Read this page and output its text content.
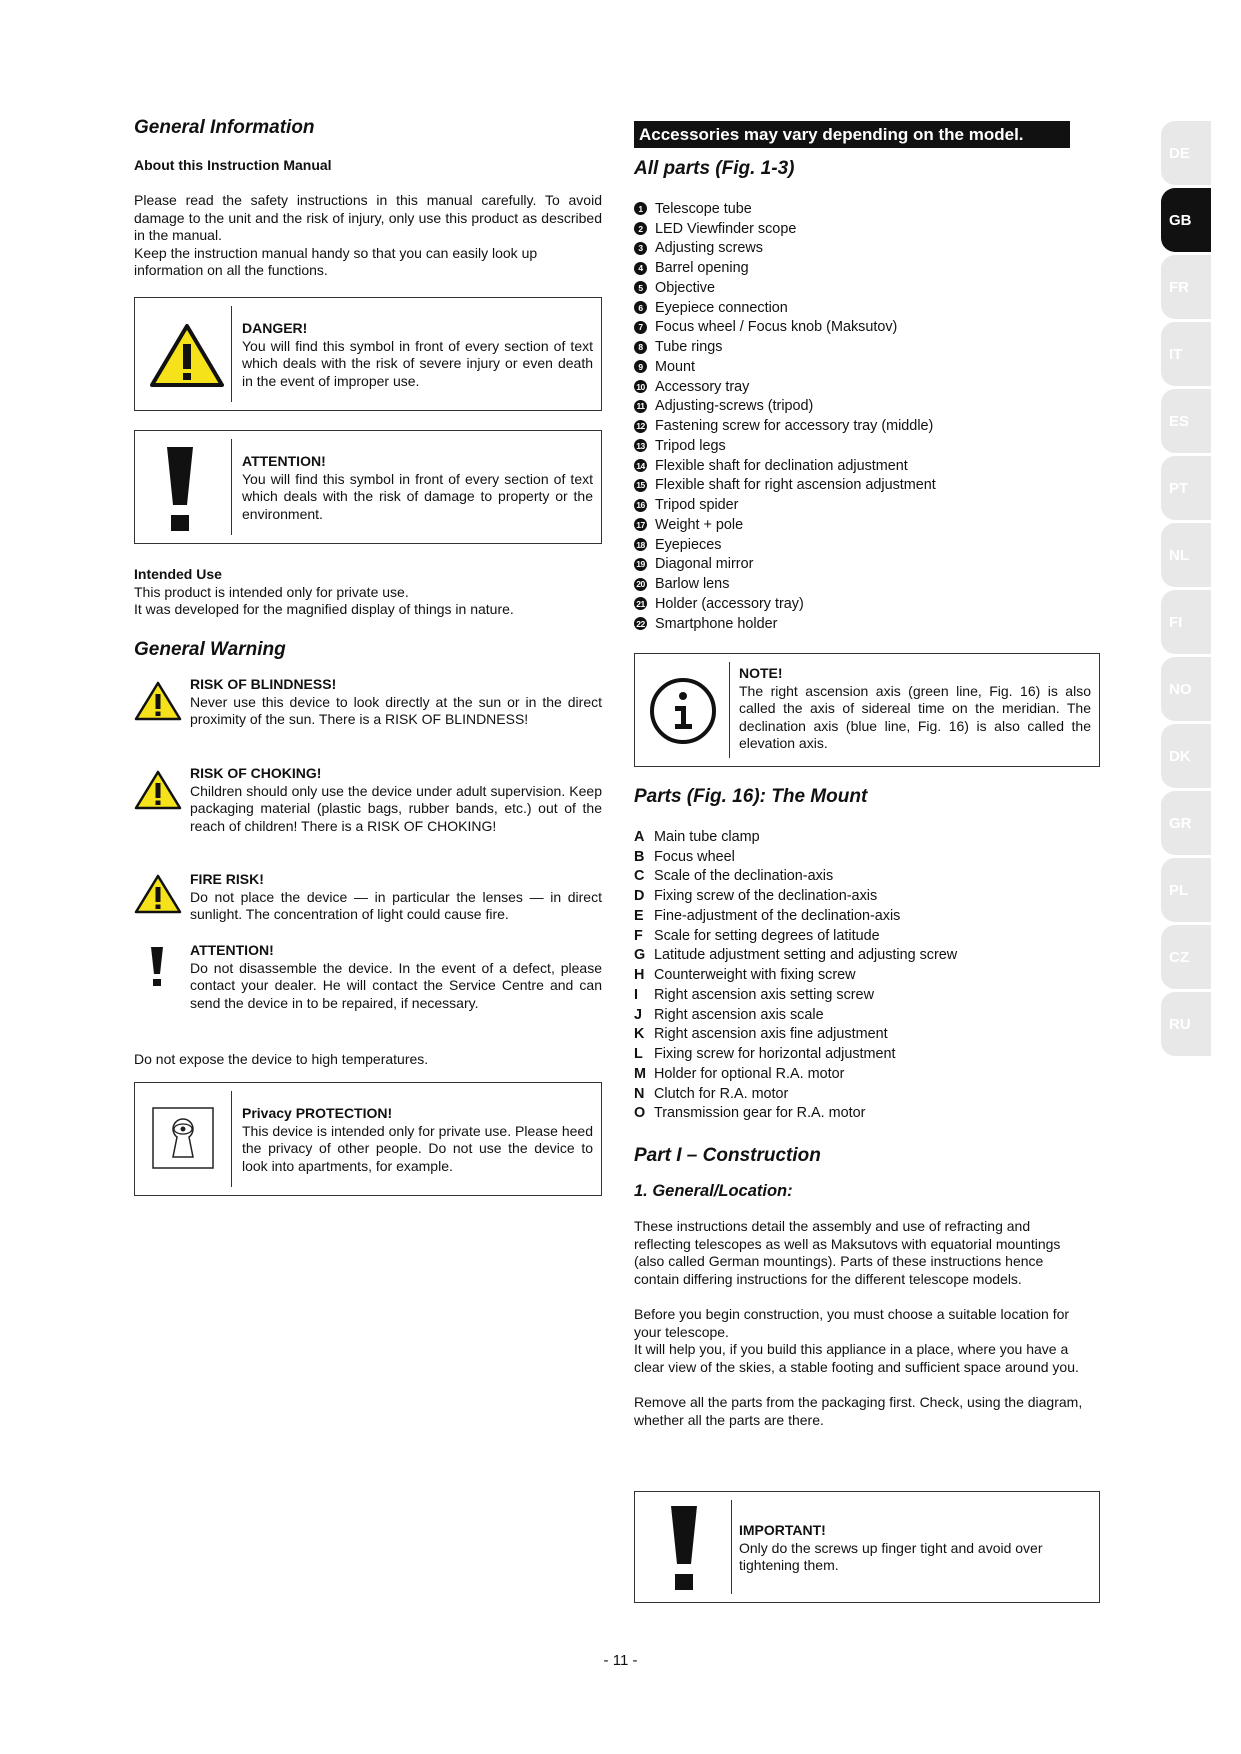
General Information
About this Instruction Manual

Please read the safety instructions in this manual carefully. To avoid damage to the unit and the risk of injury, only use this product as described in the manual.

Keep the instruction manual handy so that you can easily look up information on all the functions.

DANGER!
You will find this symbol in front of every section of text which deals with the risk of severe injury or even death in the event of improper use.
ATTENTION!
You will find this symbol in front of every section of text which deals with the risk of damage to property or the environment.
Intended Use
This product is intended only for private use.
It was developed for the magnified display of things in nature.
General Warning
RISK OF BLINDNESS!
Never use this device to look directly at the sun or in the direct proximity of the sun. There is a RISK OF BLINDNESS!
RISK OF CHOKING!
Children should only use the device under adult supervision. Keep packaging material (plastic bags, rubber bands, etc.) out of the reach of children! There is a RISK OF CHOKING!
FIRE RISK!
Do not place the device — in particular the lenses — in direct sunlight. The concentration of light could cause fire.
ATTENTION!
Do not disassemble the device. In the event of a defect, please contact your dealer. He will contact the Service Centre and can send the device in to be repaired, if necessary.
Do not expose the device to high temperatures.
Privacy PROTECTION!
This device is intended only for private use. Please heed the privacy of other people. Do not use the device to look into apartments, for example.
Accessories may vary depending on the model.
All parts (Fig. 1-3)
1 Telescope tube
2 LED Viewfinder scope
3 Adjusting screws
4 Barrel opening
5 Objective
6 Eyepiece connection
7 Focus wheel / Focus knob (Maksutov)
8 Tube rings
9 Mount
10 Accessory tray
11 Adjusting-screws (tripod)
12 Fastening screw for accessory tray (middle)
13 Tripod legs
14 Flexible shaft for declination adjustment
15 Flexible shaft for right ascension adjustment
16 Tripod spider
17 Weight + pole
18 Eyepieces
19 Diagonal mirror
20 Barlow lens
21 Holder (accessory tray)
22 Smartphone holder
NOTE!
The right ascension axis (green line, Fig. 16) is also called the axis of sidereal time on the meridian. The declination axis (blue line, Fig. 16) is also called the elevation axis.
Parts (Fig. 16): The Mount
A Main tube clamp
B Focus wheel
C Scale of the declination-axis
D Fixing screw of the declination-axis
E Fine-adjustment of the declination-axis
F Scale for setting degrees of latitude
G Latitude adjustment setting and adjusting screw
H Counterweight with fixing screw
I	Right ascension axis setting screw
J Right ascension axis scale
K Right ascension axis fine adjustment
L Fixing screw for horizontal adjustment
M Holder for optional R.A. motor
N Clutch for R.A. motor
O Transmission gear for R.A. motor
Part I – Construction
1. General/Location:

These instructions detail the assembly and use of refracting and reflecting telescopes as well as Maksutovs with equatorial mountings (also called German mountings). Parts of these instructions hence contain differing instructions for the different telescope models.

Before you begin construction, you must choose a suitable location for your telescope.

It will help you, if you build this appliance in a place, where you have a clear view of the skies, a stable footing and sufficient space around you.

Remove all the parts from the packaging first. Check, using the diagram, whether all the parts are there.

IMPORTANT!
Only do the screws up finger tight and avoid over tightening them.
- 11 -
DE
GB
FR
IT
ES
PT
NL
FI
NO
DK
GR
PL
CZ
RU
